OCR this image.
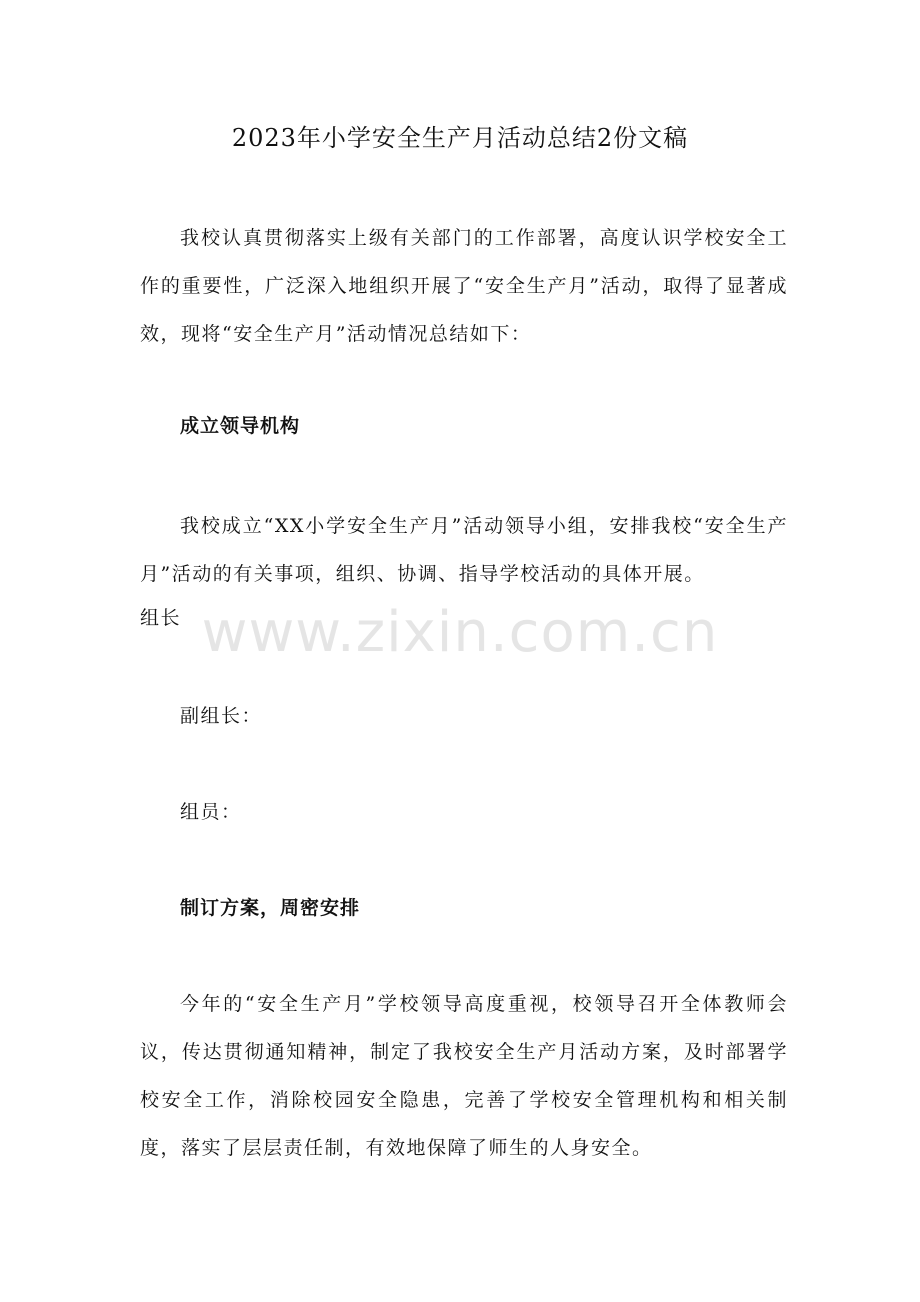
2023年小学安全生产月活动总结2份文稿

我校认真贯彻落实上级有关部门的工作部署，高度认识学校安全工作的重要性，广泛深入地组织开展了“安全生产月”活动，取得了显著成效，现将“安全生产月”活动情况总结如下：

成立领导机构

我校成立“XX小学安全生产月”活动领导小组，安排我校“安全生产月”活动的有关事项，组织、协调、指导学校活动的具体开展。

组长

副组长：

组员：

制订方案，周密安排

今年的“安全生产月”学校领导高度重视，校领导召开全体教师会议，传达贯彻通知精神，制定了我校安全生产月活动方案，及时部署学校安全工作，消除校园安全隐患，完善了学校安全管理机构和相关制度，落实了层层责任制，有效地保障了师生的人身安全。

www.zixin.com.cn
